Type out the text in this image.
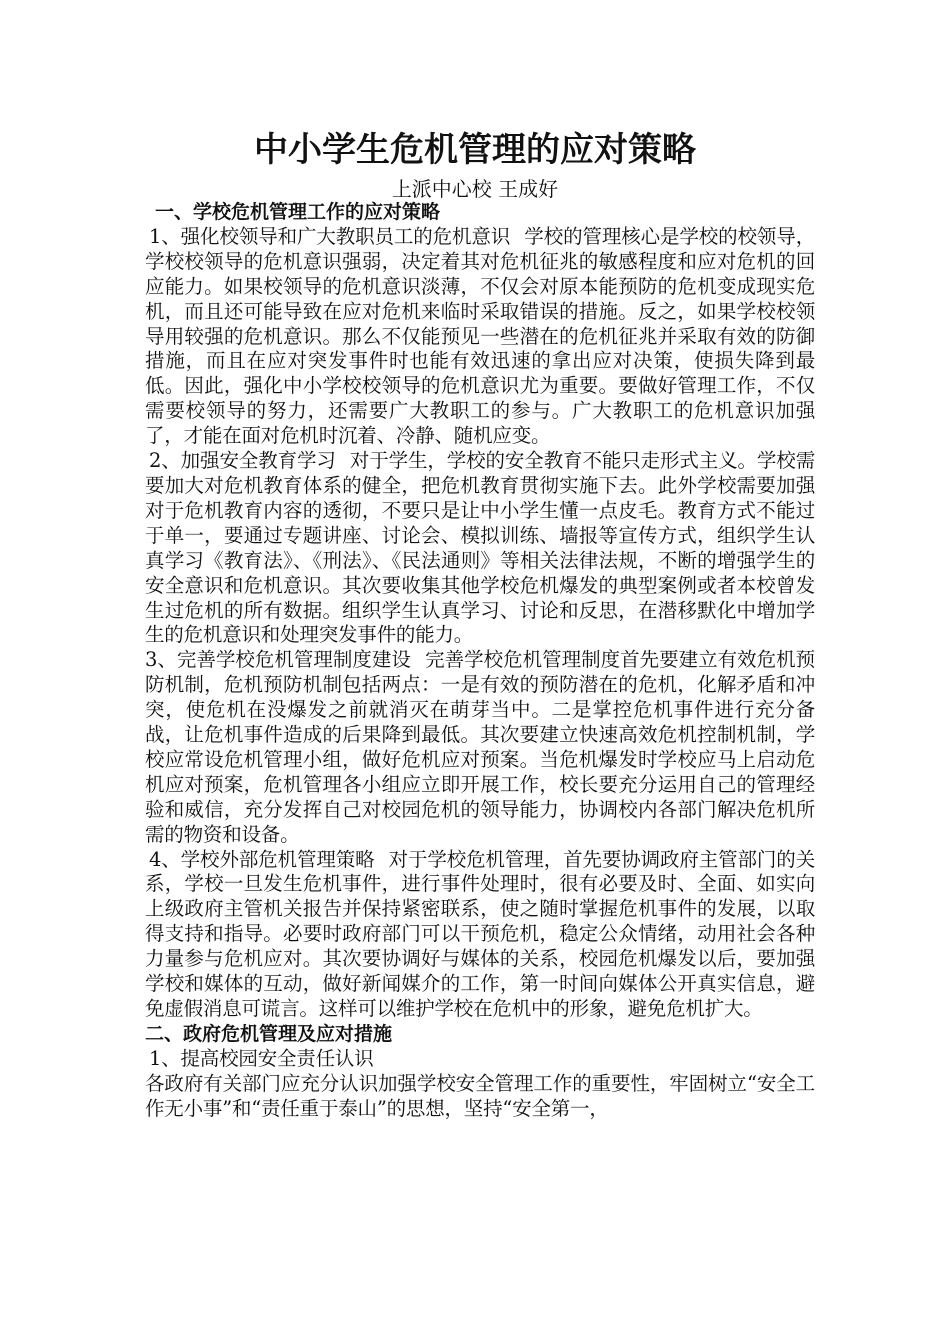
中小学生危机管理的应对策略
上派中心校 王成好
一、学校危机管理工作的应对策略
1、强化校领导和广大教职员工的危机意识 学校的管理核心是学校的校领导，学校校领导的危机意识强弱，决定着其对危机征兆的敏感程度和应对危机的回应能力。如果校领导的危机意识淡薄，不仅会对原本能预防的危机变成现实危机，而且还可能导致在应对危机来临时采取错误的措施。反之，如果学校校领导用较强的危机意识。那么不仅能预见一些潜在的危机征兆并采取有效的防御措施，而且在应对突发事件时也能有效迅速的拿出应对决策，使损失降到最低。因此，强化中小学校校领导的危机意识尤为重要。要做好管理工作，不仅需要校领导的努力，还需要广大教职工的参与。广大教职工的危机意识加强了，才能在面对危机时沉着、冷静、随机应变。
2、加强安全教育学习 对于学生，学校的安全教育不能只走形式主义。学校需要加大对危机教育体系的健全，把危机教育贯彻实施下去。此外学校需要加强对于危机教育内容的透彻，不要只是让中小学生懂一点皮毛。教育方式不能过于单一，要通过专题讲座、讨论会、模拟训练、墙报等宣传方式，组织学生认真学习《教育法》、《刑法》、《民法通则》等相关法律法规，不断的增强学生的安全意识和危机意识。其次要收集其他学校危机爆发的典型案例或者本校曾发生过危机的所有数据。组织学生认真学习、讨论和反思，在潜移默化中增加学生的危机意识和处理突发事件的能力。
3、完善学校危机管理制度建设 完善学校危机管理制度首先要建立有效危机预防机制，危机预防机制包括两点：一是有效的预防潜在的危机，化解矛盾和冲突，使危机在没爆发之前就消灭在萌芽当中。二是掌控危机事件进行充分备战，让危机事件造成的后果降到最低。其次要建立快速高效危机控制机制，学校应常设危机管理小组，做好危机应对预案。当危机爆发时学校应马上启动危机应对预案，危机管理各小组应立即开展工作，校长要充分运用自己的管理经验和威信，充分发挥自己对校园危机的领导能力，协调校内各部门解决危机所需的物资和设备。
4、学校外部危机管理策略 对于学校危机管理，首先要协调政府主管部门的关系，学校一旦发生危机事件，进行事件处理时，很有必要及时、全面、如实向上级政府主管机关报告并保持紧密联系，使之随时掌握危机事件的发展，以取得支持和指导。必要时政府部门可以干预危机，稳定公众情绪，动用社会各种力量参与危机应对。其次要协调好与媒体的关系，校园危机爆发以后，要加强学校和媒体的互动，做好新闻媒介的工作，第一时间向媒体公开真实信息，避免虚假消息可谎言。这样可以维护学校在危机中的形象，避免危机扩大。
二、政府危机管理及应对措施
1、提高校园安全责任认识
各政府有关部门应充分认识加强学校安全管理工作的重要性，牢固树立“安全工作无小事”和“责任重于泰山”的思想，坚持“安全第一，
